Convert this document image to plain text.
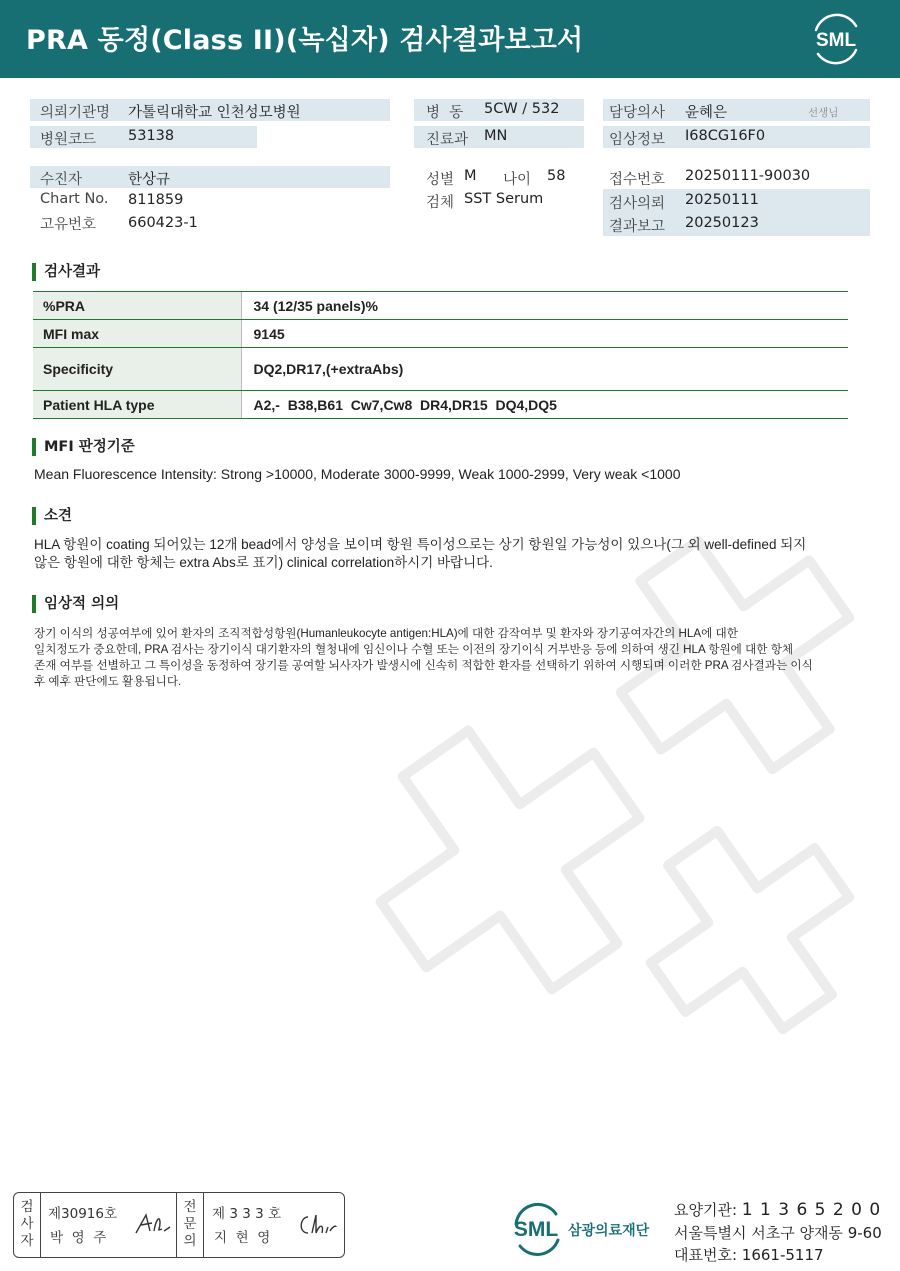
PRA 동정(Class II)(녹십자) 검사결과보고서	SML
의뢰기관명 가톨릭대학교 인천성모병원
병원코드 53138
병  동 5CW / 532
진료과 MN
담당의사 윤혜은	선생님
임상정보 I68CG16F0
수진자	한상규
Chart No. 811859
고유번호 660423-1
성별 M 나이 58
검체 SST Serum
접수번호 20250111-90030
검사의뢰 20250111
결과보고 20250123
검사결과
%PRA	34 (12/35 panels)%
MFI max	9145
Specificity	DQ2,DR17,(+extraAbs)
Patient HLA type	A2,-  B38,B61  Cw7,Cw8  DR4,DR15  DQ4,DQ5
MFI 판정기준
Mean Fluorescence Intensity: Strong >10000, Moderate 3000-9999, Weak 1000-2999, Very weak <1000
소견
HLA 항원이 coating 되어있는 12개 bead에서 양성을 보이며 항원 특이성으로는 상기 항원일 가능성이 있으나(그 외 well-defined 되지
않은 항원에 대한 항체는 extra Abs로 표기) clinical correlation하시기 바랍니다.
임상적 의의
장기 이식의 성공여부에 있어 환자의 조직적합성항원(Humanleukocyte antigen:HLA)에 대한 감작여부 및 환자와 장기공여자간의 HLA에 대한
일치정도가 중요한데, PRA 검사는 장기이식 대기환자의 혈청내에 임신이나 수혈 또는 이전의 장기이식 거부반응 등에 의하여 생긴 HLA 항원에 대한 항체
존재 여부를 선별하고 그 특이성을 동정하여 장기를 공여할 뇌사자가 발생시에 신속히 적합한 환자를 선택하기 위하여 시행되며 이러한 PRA 검사결과는 이식
후 예후 판단에도 활용됩니다.
검
사
자
제30916호
박  영  주
전
문
의
제 3 3 3 호
지  현  영	SML 삼광의료재단
요양기관: 1 1 3 6 5 2 0 0
서울특별시 서초구 양재동 9-60
대표번호: 1661-5117
